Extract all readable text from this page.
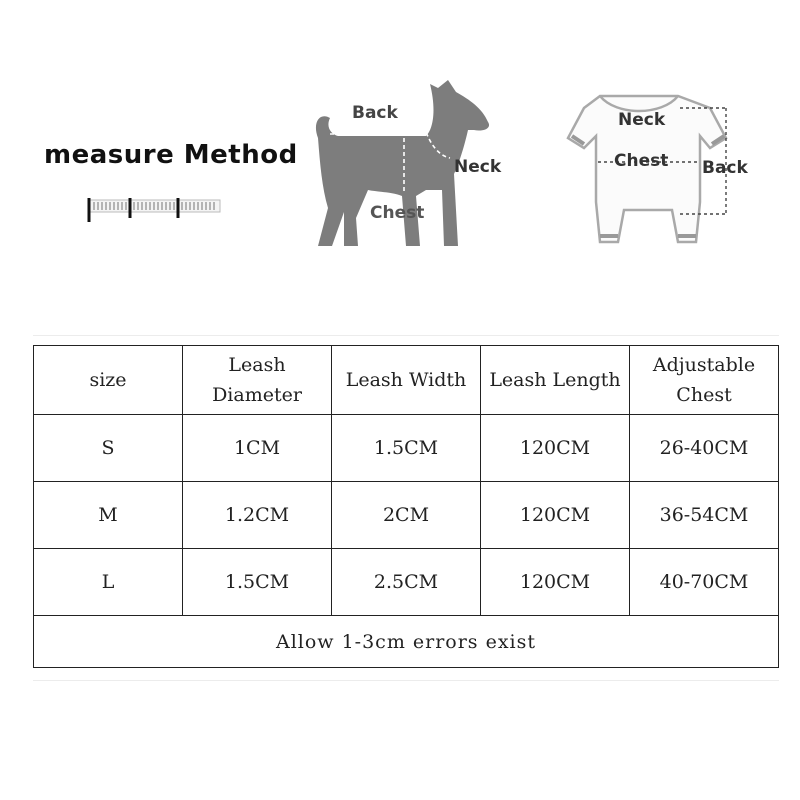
measure Method
Back
Neck
Chest
Neck
Chest Back
size	Leash Diameter	Leash Width	Leash Length	Adjustable Chest
S	1CM	1.5CM	120CM	26-40CM
M	1.2CM	2CM	120CM	36-54CM
L	1.5CM	2.5CM	120CM	40-70CM
Allow 1-3cm errors exist				
